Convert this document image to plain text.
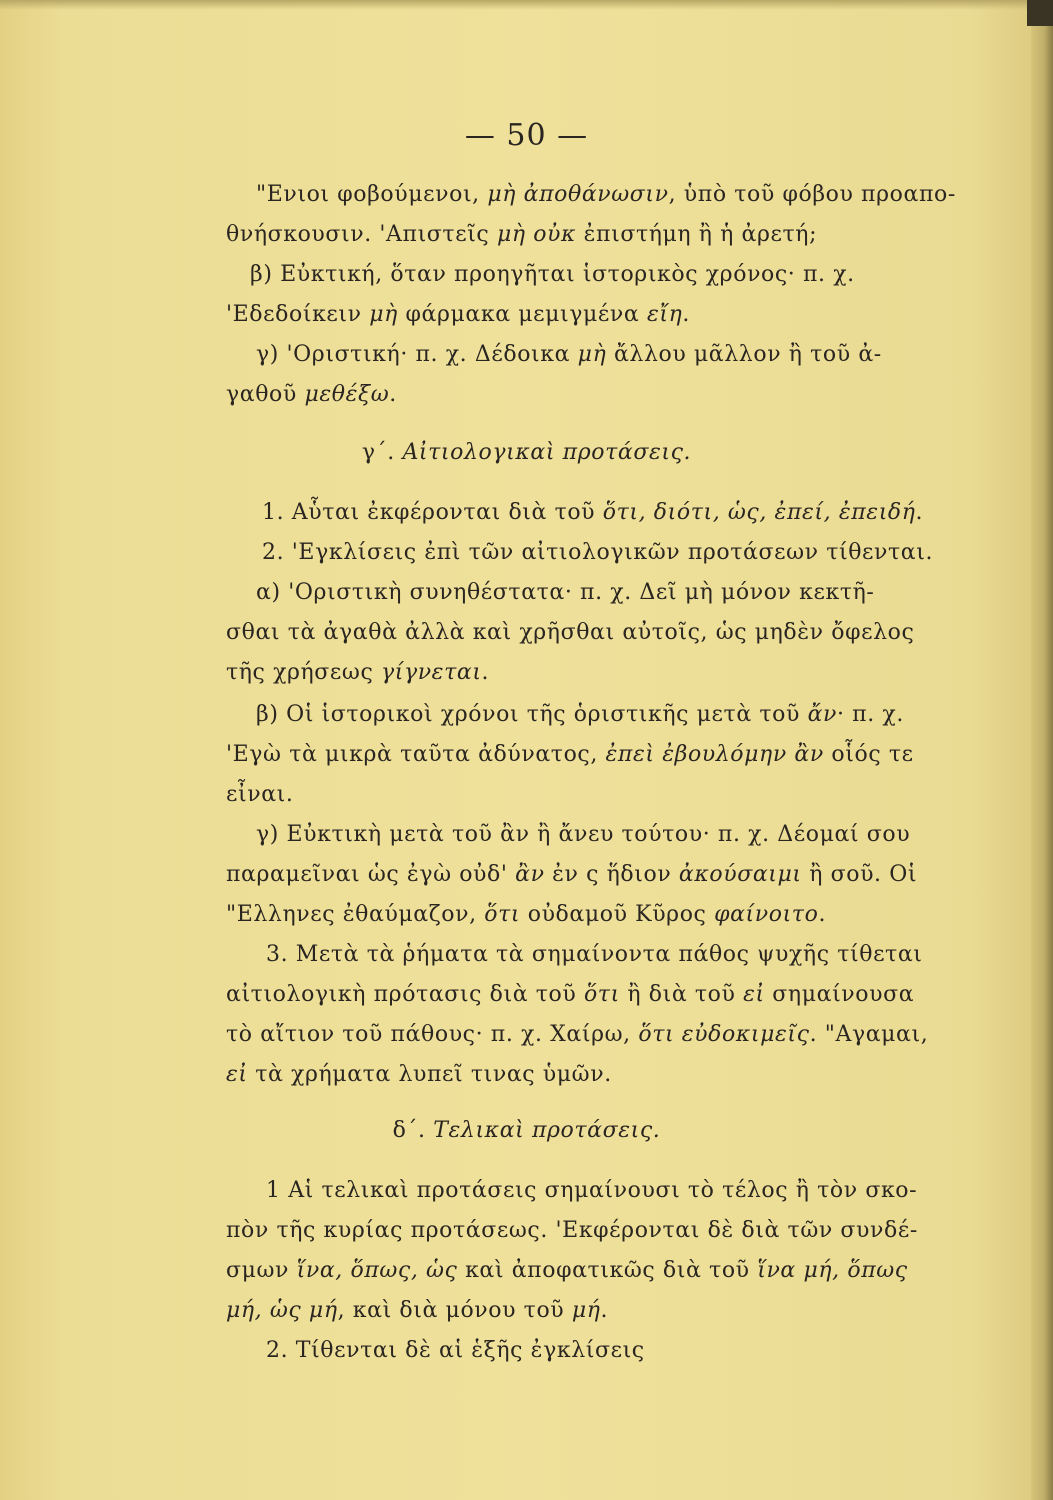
— 50 —
"Ενιοι φοβούμενοι, μὴ ἀποθάνωσιν, ὑπὸ τοῦ φόβου προαπο-
θνήσκουσιν. 'Απιστεῖς μὴ οὐκ ἐπιστήμη ἢ ἡ ἀρετή;
β) Εὐκτική, ὅταν προηγῆται ἱστορικὸς χρόνος· π. χ.
'Εδεδοίκειν μὴ φάρμακα μεμιγμένα εἴη.
γ) 'Οριστική· π. χ. Δέδοικα μὴ ἄλλου μᾶλλον ἢ τοῦ ἀ-
γαθοῦ μεθέξω.
γ΄. Αἰτιολογικαὶ προτάσεις.
1. Αὗται ἐκφέρονται διὰ τοῦ ὅτι, διότι, ὡς, ἐπεί, ἐπειδή.
2. 'Εγκλίσεις ἐπὶ τῶν αἰτιολογικῶν προτάσεων τίθενται.
α) 'Οριστικὴ συνηθέστατα· π. χ. Δεῖ μὴ μόνον κεκτῆ-
σθαι τὰ ἀγαθὰ ἀλλὰ καὶ χρῆσθαι αὐτοῖς, ὡς μηδὲν ὄφελος
τῆς χρήσεως γίγνεται.
β) Οἱ ἱστορικοὶ χρόνοι τῆς ὁριστικῆς μετὰ τοῦ ἄν· π. χ.
'Εγὼ τὰ μικρὰ ταῦτα ἀδύνατος, ἐπεὶ ἐβουλόμην ἂν οἷός τε
εἶναι.
γ) Εὐκτικὴ μετὰ τοῦ ἂν ἢ ἄνευ τούτου· π. χ. Δέομαί σου
παραμεῖναι ὡς ἐγὼ οὐδ' ἂν ἐν ς ἥδιον ἀκούσαιμι ἢ σοῦ. Οἱ
"Ελληνες ἐθαύμαζον, ὅτι οὐδαμοῦ Κῦρος φαίνοιτο.
3. Μετὰ τὰ ῥήματα τὰ σημαίνοντα πάθος ψυχῆς τίθεται
αἰτιολογικὴ πρότασις διὰ τοῦ ὅτι ἢ διὰ τοῦ εἰ σημαίνουσα
τὸ αἴτιον τοῦ πάθους· π. χ. Χαίρω, ὅτι εὐδοκιμεῖς. "Αγαμαι,
εἰ τὰ χρήματα λυπεῖ τινας ὑμῶν.
δ΄. Τελικαὶ προτάσεις.
1 Αἱ τελικαὶ προτάσεις σημαίνουσι τὸ τέλος ἢ τὸν σκο-
πὸν τῆς κυρίας προτάσεως. 'Εκφέρονται δὲ διὰ τῶν συνδέ-
σμων ἵνα, ὅπως, ὡς καὶ ἀποφατικῶς διὰ τοῦ ἵνα μή, ὅπως
μή, ὡς μή, καὶ διὰ μόνου τοῦ μή.
2. Τίθενται δὲ αἱ ἑξῆς ἐγκλίσεις
